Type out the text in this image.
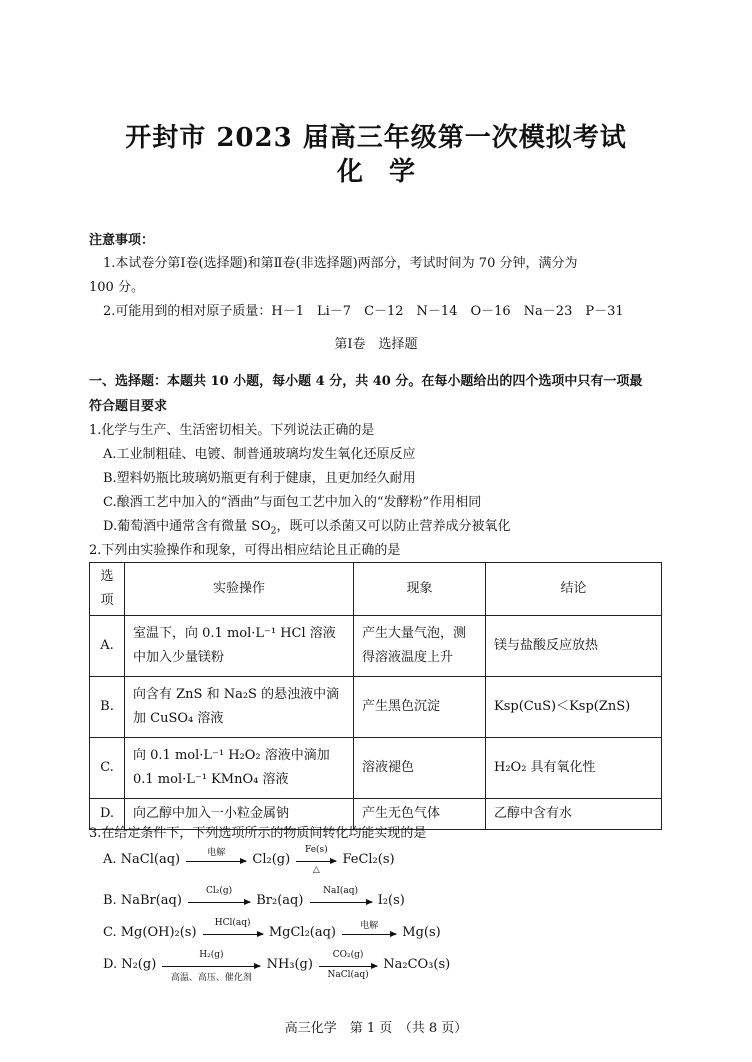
开封市 2023 届高三年级第一次模拟考试
化学
注意事项：
1.本试卷分第Ⅰ卷(选择题)和第Ⅱ卷(非选择题)两部分，考试时间为 70 分钟，满分为
100 分。
2.可能用到的相对原子质量：H－1　Li－7　C－12　N－14　O－16　Na－23　P－31
第Ⅰ卷　选择题
一、选择题：本题共 10 小题，每小题 4 分，共 40 分。在每小题给出的四个选项中只有一项最
符合题目要求
1.化学与生产、生活密切相关。下列说法正确的是
A.工业制粗硅、电镀、制普通玻璃均发生氧化还原反应
B.塑料奶瓶比玻璃奶瓶更有利于健康，且更加经久耐用
C.酿酒工艺中加入的“酒曲”与面包工艺中加入的“发酵粉”作用相同
D.葡萄酒中通常含有微量 $SO_2$，既可以杀菌又可以防止营养成分被氧化
2.下列由实验操作和现象，可得出相应结论且正确的是
选项	实验操作	现象	结论
A.	室温下，向 0.1 mol·L⁻¹ HCl 溶液中加入少量镁粉	产生大量气泡，测得溶液温度上升	镁与盐酸反应放热
B.	向含有 ZnS 和 Na₂S 的悬浊液中滴加 CuSO₄ 溶液	产生黑色沉淀	Ksp(CuS)＜Ksp(ZnS)
C.	向 0.1 mol·L⁻¹ H₂O₂ 溶液中滴加 0.1 mol·L⁻¹ KMnO₄ 溶液	溶液褪色	H₂O₂ 具有氧化性
D.	向乙醇中加入一小粒金属钠	产生无色气体	乙醇中含有水
3.在给定条件下，下列选项所示的物质间转化均能实现的是
A. NaCl(aq)	电解	Cl₂(g)
Fe(s)
△
FeCl₂(s)
B. NaBr(aq)
Cl₂(g)
Br₂(aq)
NaI(aq)
I₂(s)
C. Mg(OH)₂(s)
HCl(aq)
MgCl₂(aq)	电解	Mg(s)
D. N₂(g)
H₂(g)
高温、高压、催化剂
NH₃(g)
CO₂(g)
NaCl(aq)
Na₂CO₃(s)
高三化学　第 1 页　（共 8 页）
